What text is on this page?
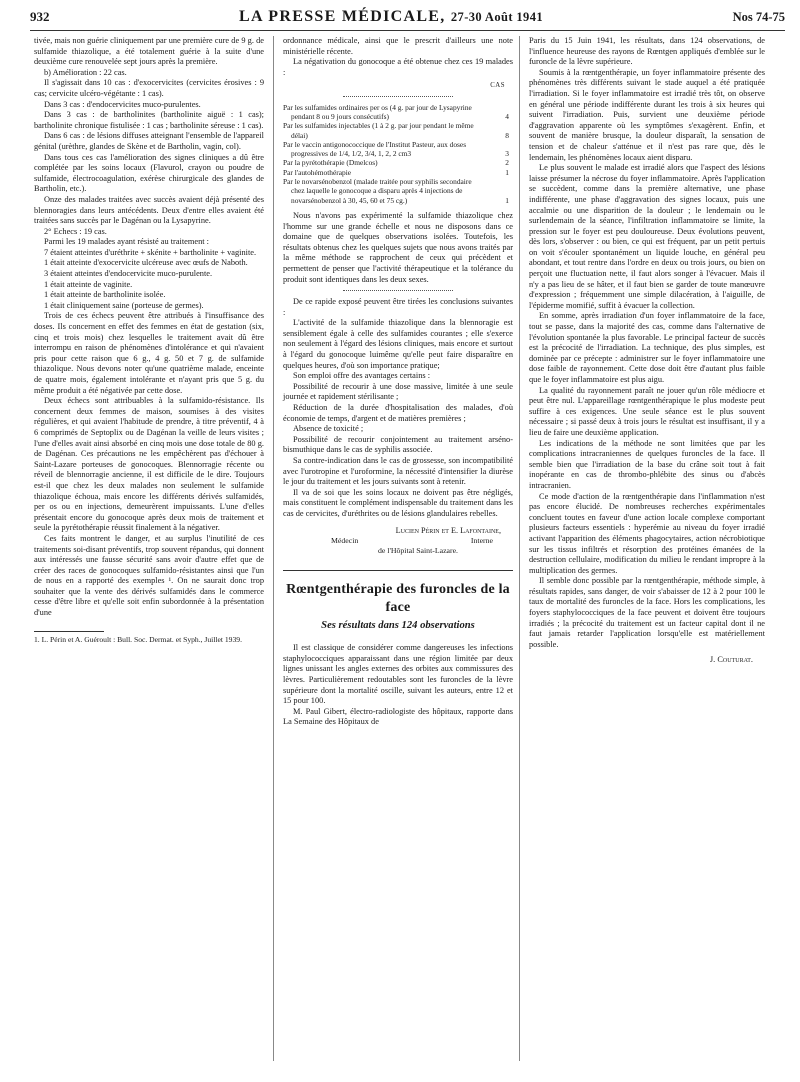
932	LA PRESSE MÉDICALE, 27-30 Août 1941	Nos 74-75

tivée, mais non guérie cliniquement par une première cure de 9 g. de sulfamide thiazolique, a été totalement guérie à la suite d'une deuxième cure renouvelée sept jours après la première.

b) Amélioration : 22 cas.

Il s'agissait dans 10 cas : d'exocervicites (cervicites érosives : 9 cas; cervicite ulcéro-végétante : 1 cas).

Dans 3 cas : d'endocervicites muco-purulentes.

Dans 3 cas : de bartholinites (bartholinite aiguë : 1 cas); bartholinite chronique fistulisée : 1 cas ; bartholinite séreuse : 1 cas).

Dans 6 cas : de lésions diffuses atteignant l'ensemble de l'appareil génital (urèthre, glandes de Skène et de Bartholin, vagin, col).

Dans tous ces cas l'amélioration des signes cliniques a dû être complétée par les soins locaux (Flavurol, crayon ou poudre de sulfamide, électrocoagulation, exérèse chirurgicale des glandes de Bartholin, etc.).

Onze des malades traitées avec succès avaient déjà présenté des blennoragies dans leurs antécédents. Deux d'entre elles avaient été traitées sans succès par le Dagénan ou la Lysapyrine.

2° Echecs : 19 cas.

Parmi les 19 malades ayant résisté au traitement :

7 étaient atteintes d'uréthrite + skénite + bartholinite + vaginite.

1 était atteinte d'exocervicite ulcéreuse avec œufs de Naboth.

3 étaient atteintes d'endocervicite muco-purulente.

1 était atteinte de vaginite.

1 était atteinte de bartholinite isolée.

1 était cliniquement saine (porteuse de germes).

Trois de ces échecs peuvent être attribués à l'insuffisance des doses. Ils concernent en effet des femmes en état de gestation (six, cinq et trois mois) chez lesquelles le traitement avait dû être interrompu en raison de phénomènes d'intolérance et qui n'avaient pris pour cette raison que 6 g., 4 g. 50 et 7 g. de sulfamide thiazolique. Nous devons noter qu'une quatrième malade, enceinte de quatre mois, également intolérante et n'ayant pris que 5 g. du même produit a été négativée par cette dose.

Deux échecs sont attribuables à la sulfamido-résistance. Ils concernent deux femmes de maison, soumises à des visites régulières, et qui avaient l'habitude de prendre, à titre préventif, 4 à 6 comprimés de Septoplix ou de Dagénan la veille de leurs visites ; l'une d'elles avait ainsi absorbé en cinq mois une dose totale de 80 g. de Dagénan. Ces précautions ne les empêchèrent pas d'échouer à Saint-Lazare porteuses de gonocoques. Blennorragie récente ou réveil de blennorragie ancienne, il est difficile de le dire. Toujours est-il que chez les deux malades non seulement le sulfamide thiazolique échoua, mais encore les différents dérivés sulfamidés, per os ou en injections, demeurèrent impuissants. L'une d'elles présentait encore du gonocoque après deux mois de traitement et seule la pyrétothérapie réussit finalement à la négativer.

Ces faits montrent le danger, et au surplus l'inutilité de ces traitements soi-disant préventifs, trop souvent répandus, qui donnent aux intéressés une fausse sécurité sans avoir d'autre effet que de créer des races de gonocoques sulfamido-résistantes ainsi que l'un de nous en a rapporté des exemples ¹. On ne saurait donc trop souhaiter que la vente des dérivés sulfamidés dans le commerce cesse d'être libre et qu'elle soit enfin subordonnée à la présentation d'une

1. L. Périn et A. Guéroult : Bull. Soc. Dermat. et Syph., Juillet 1939.

ordonnance médicale, ainsi que le prescrit d'ailleurs une note ministérielle récente.

La négativation du gonocoque a été obtenue chez ces 19 malades :

CAS
Par les sulfamides ordinaires per os (4 g. par jour de Lysapyrine pendant 8 ou 9 jours consécutifs)	4
Par les sulfamides injectables (1 à 2 g. par jour pendant le même délai)	8
Par le vaccin antigonococcique de l'Institut Pasteur, aux doses progressives de 1/4, 1/2, 3/4, 1, 2, 2 cm3	3
Par la pyrétothérapie (Dmelcos)	2
Par l'autohémothérapie	1
Par le novarsénobenzol (malade traitée pour syphilis secondaire chez laquelle le gonocoque a disparu après 4 injections de novarsénobenzol à 30, 45, 60 et 75 cg.)	1

Nous n'avons pas expérimenté la sulfamide thiazolique chez l'homme sur une grande échelle et nous ne disposons dans ce domaine que de quelques observations isolées. Toutefois, les résultats obtenus chez les quelques sujets que nous avons traités par la même méthode se rapprochent de ceux qui précèdent et permettent de penser que l'activité thérapeutique et la tolérance du produit sont identiques dans les deux sexes.

De ce rapide exposé peuvent être tirées les conclusions suivantes :

L'activité de la sulfamide thiazolique dans la blennoragie est sensiblement égale à celle des sulfamides courantes ; elle s'exerce non seulement à l'égard des lésions cliniques, mais encore et surtout à l'égard du gonocoque luimême qu'elle peut faire disparaître en quelques heures, d'où son importance pratique;

Son emploi offre des avantages certains :

Possibilité de recourir à une dose massive, limitée à une seule journée et rapidement stérilisante ;

Réduction de la durée d'hospitalisation des malades, d'où économie de temps, d'argent et de matières premières ;

Absence de toxicité ;

Possibilité de recourir conjointement au traitement arséno-bismuthique dans le cas de syphilis associée.

Sa contre-indication dans le cas de grossesse, son incompatibilité avec l'urotropine et l'uroformine, la nécessité d'intensifier la diurèse le jour du traitement et les jours suivants sont à retenir.

Il va de soi que les soins locaux ne doivent pas être négligés, mais constituent le complément indispensable du traitement dans les cas de cervicites, d'uréthrites ou de lésions glandulaires rebelles.

Lucien Périn et E. Lafontaine,
Médecin	Interne
de l'Hôpital Saint-Lazare.
Rœntgenthérapie des furoncles de la face
Ses résultats dans 124 observations

Il est classique de considérer comme dangereuses les infections staphylococciques apparaissant dans une région limitée par deux lignes unissant les angles externes des orbites aux commissures des lèvres. Particulièrement redoutables sont les furoncles de la lèvre supérieure dont la mortalité oscille, suivant les auteurs, entre 12 et 15 pour 100.

M. Paul Gibert, électro-radiologiste des hôpitaux, rapporte dans La Semaine des Hôpitaux de

Paris du 15 Juin 1941, les résultats, dans 124 observations, de l'influence heureuse des rayons de Rœntgen appliqués d'emblée sur le furoncle de la lèvre supérieure.

Soumis à la rœntgenthérapie, un foyer inflammatoire présente des phénomènes très différents suivant le stade auquel a été pratiquée l'irradiation. Si le foyer inflammatoire est irradié très tôt, on observe en général une période indifférente durant les trois à six heures qui suivent l'irradiation. Puis, survient une deuxième période d'aggravation apparente où les symptômes s'exagèrent. Enfin, et souvent de manière brusque, la douleur disparaît, la sensation de tension et de chaleur s'atténue et il n'est pas rare que, dès le lendemain, les phénomènes locaux aient disparu.

Le plus souvent le malade est irradié alors que l'aspect des lésions laisse présumer la nécrose du foyer inflammatoire. Après l'application se succèdent, comme dans la première alternative, une phase indifférente, une phase d'aggravation des signes locaux, puis une accalmie ou une disparition de la douleur ; le lendemain ou le surlendemain de la séance, l'infiltration inflammatoire se limite, la pression sur le foyer est peu douloureuse. Deux évolutions peuvent, dès lors, s'observer : ou bien, ce qui est fréquent, par un petit pertuis on voit s'écouler spontanément un liquide louche, en général peu abondant, et tout rentre dans l'ordre en deux ou trois jours, ou bien on perçoit une fluctuation nette, il faut alors songer à l'évacuer. Mais il n'y a pas lieu de se hâter, et il faut bien se garder de toute manœuvre d'expression ; fréquemment une simple dilacération, à l'aiguille, de l'épiderme momifié, suffit à évacuer la collection.

En somme, après irradiation d'un foyer inflammatoire de la face, tout se passe, dans la majorité des cas, comme dans l'alternative de l'évolution spontanée la plus favorable. Le principal facteur de succès est la précocité de l'irradiation. La technique, des plus simples, est dominée par ce précepte : administrer sur le foyer inflammatoire une dose faible de rayonnement. Cette dose doit être d'autant plus faible que le foyer inflammatoire est plus aigu.

La qualité du rayonnement paraît ne jouer qu'un rôle médiocre et peut être nul. L'appareillage rœntgenthérapique le plus modeste peut suffire à ces exigences. Une seule séance est le plus souvent nécessaire ; si passé deux à trois jours le résultat est insuffisant, il y a lieu de faire une deuxième application.

Les indications de la méthode ne sont limitées que par les complications intracraniennes de quelques furoncles de la face. Il semble bien que l'irradiation de la base du crâne soit tout à fait inopérante en cas de thrombo-phlébite des sinus ou d'abcès intracranien.

Ce mode d'action de la rœntgenthérapie dans l'inflammation n'est pas encore élucidé. De nombreuses recherches expérimentales concluent toutes en faveur d'une action locale complexe comportant plusieurs facteurs essentiels : hyperémie au niveau du foyer irradié activant l'apparition des éléments phagocytaires, action nécrobiotique sur les tissus infiltrés et résorption des protéines émanées de la destruction cellulaire, modification du milieu le rendant impropre à la multiplication des germes.

Il semble donc possible par la rœntgenthérapie, méthode simple, à résultats rapides, sans danger, de voir s'abaisser de 12 à 2 pour 100 le taux de mortalité des furoncles de la face. Hors les complications, les foyers staphylococciques de la face peuvent et doivent être toujours irradiés ; la précocité du traitement est un facteur capital dont il ne faut jamais retarder l'application lorsqu'elle est matériellement possible.

J. Couturat.
